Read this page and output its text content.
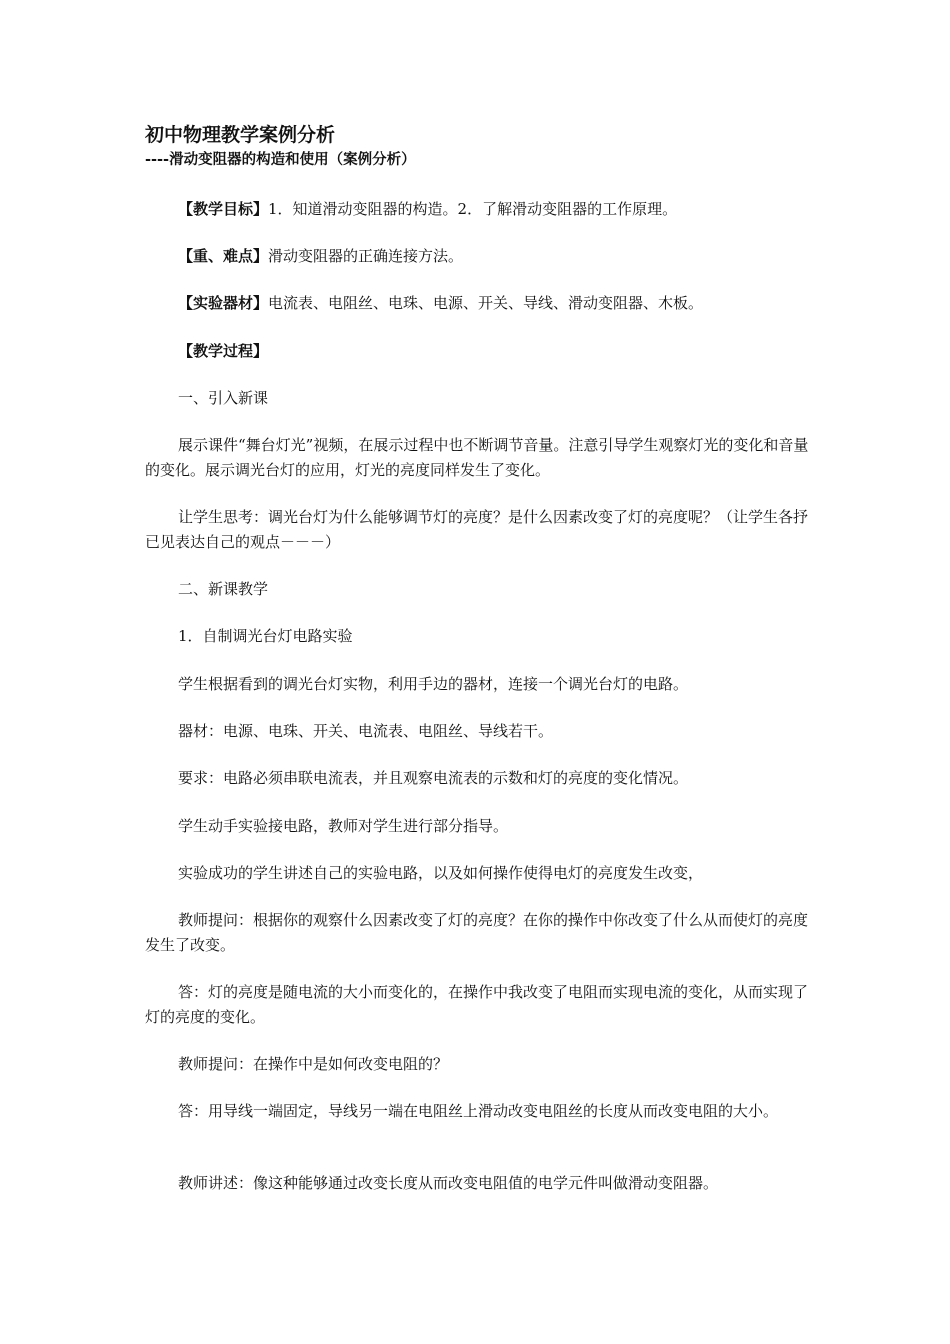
初中物理教学案例分析
----滑动变阻器的构造和使用（案例分析）
【教学目标】1．知道滑动变阻器的构造。2．了解滑动变阻器的工作原理。
【重、难点】滑动变阻器的正确连接方法。
【实验器材】电流表、电阻丝、电珠、电源、开关、导线、滑动变阻器、木板。
【教学过程】
一、引入新课
展示课件“舞台灯光”视频，在展示过程中也不断调节音量。注意引导学生观察灯光的变化和音量的变化。展示调光台灯的应用，灯光的亮度同样发生了变化。
让学生思考：调光台灯为什么能够调节灯的亮度？是什么因素改变了灯的亮度呢？（让学生各抒已见表达自己的观点－－－）
二、新课教学
1．自制调光台灯电路实验
学生根据看到的调光台灯实物，利用手边的器材，连接一个调光台灯的电路。
器材：电源、电珠、开关、电流表、电阻丝、导线若干。
要求：电路必须串联电流表，并且观察电流表的示数和灯的亮度的变化情况。
学生动手实验接电路，教师对学生进行部分指导。
实验成功的学生讲述自己的实验电路，以及如何操作使得电灯的亮度发生改变，
教师提问：根据你的观察什么因素改变了灯的亮度？在你的操作中你改变了什么从而使灯的亮度发生了改变。
答：灯的亮度是随电流的大小而变化的，在操作中我改变了电阻而实现电流的变化，从而实现了灯的亮度的变化。
教师提问：在操作中是如何改变电阻的？
答：用导线一端固定，导线另一端在电阻丝上滑动改变电阻丝的长度从而改变电阻的大小。
教师讲述：像这种能够通过改变长度从而改变电阻值的电学元件叫做滑动变阻器。
